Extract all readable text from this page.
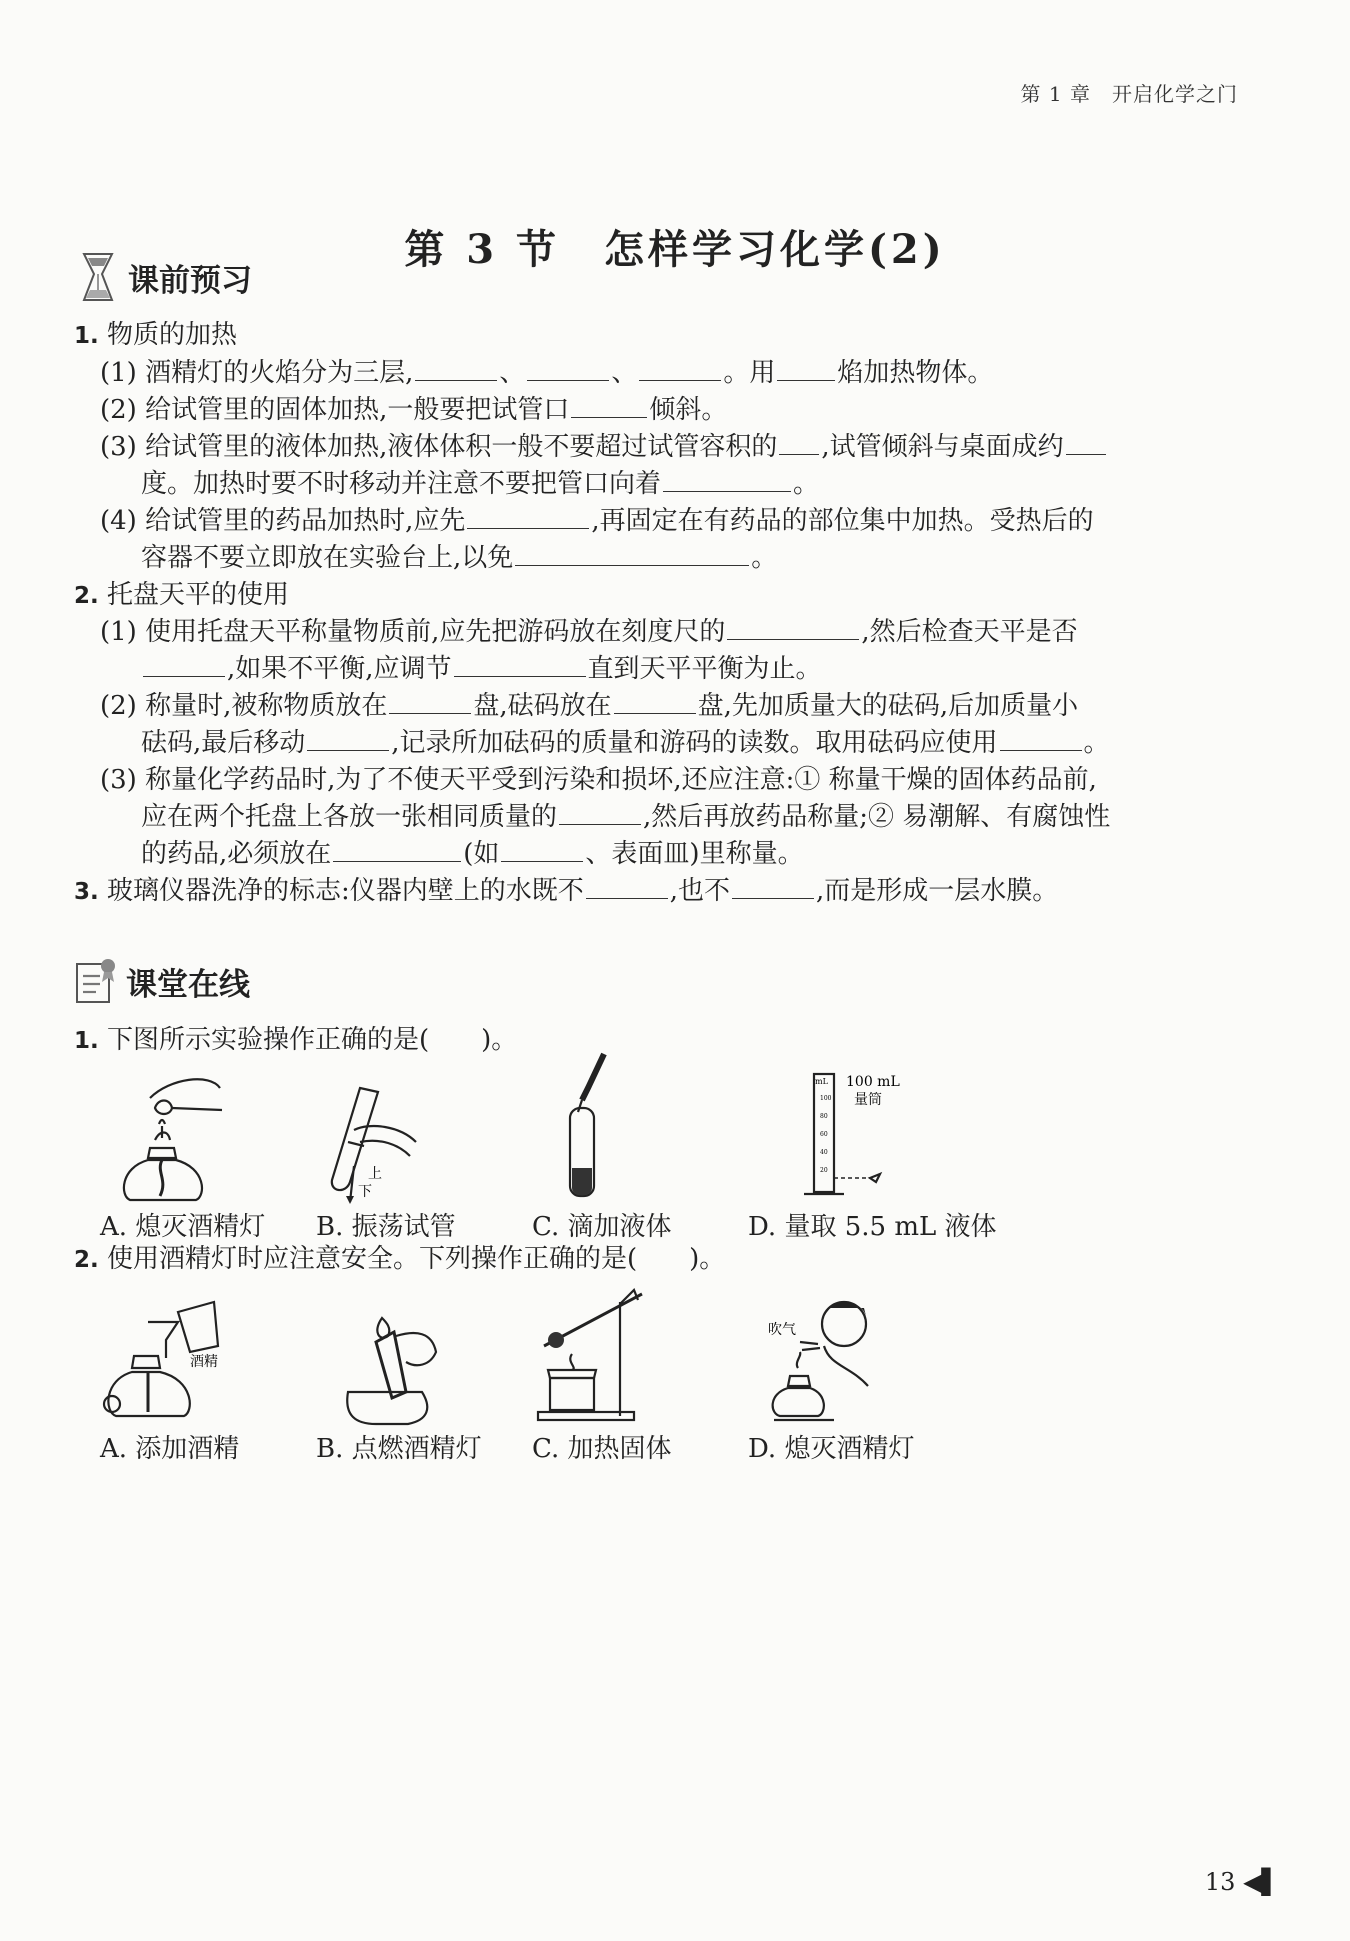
第 1 章　开启化学之门
第 3 节　怎样学习化学(2)
课前预习
1. 物质的加热
(1) 酒精灯的火焰分为三层,	、	、	。用 焰加热物体。
(2) 给试管里的固体加热,一般要把试管口	倾斜。
(3) 给试管里的液体加热,液体体积一般不要超过试管容积的 ,试管倾斜与桌面成约
度。加热时要不时移动并注意不要把管口向着	。
(4) 给试管里的药品加热时,应先	,再固定在有药品的部位集中加热。受热后的
容器不要立即放在实验台上,以免	。
2. 托盘天平的使用
(1) 使用托盘天平称量物质前,应先把游码放在刻度尺的	,然后检查天平是否
,如果不平衡,应调节	直到天平平衡为止。
(2) 称量时,被称物质放在	盘,砝码放在	盘,先加质量大的砝码,后加质量小
砝码,最后移动	,记录所加砝码的质量和游码的读数。取用砝码应使用	。
(3) 称量化学药品时,为了不使天平受到污染和损坏,还应注意:① 称量干燥的固体药品前,
应在两个托盘上各放一张相同质量的	,然后再放药品称量;② 易潮解、有腐蚀性
的药品,必须放在	(如	、表面皿)里称量。
3. 玻璃仪器洗净的标志:仪器内壁上的水既不	,也不	,而是形成一层水膜。
课堂在线
1. 下图所示实验操作正确的是(　　)。
上
下
mL
100
80
60
40
20
100 mL
量筒
A. 熄灭酒精灯 B. 振荡试管	C. 滴加液体	D. 量取 5.5 mL 液体
2. 使用酒精灯时应注意安全。下列操作正确的是(　　)。
酒精
吹气
A. 添加酒精	B. 点燃酒精灯 C. 加热固体	D. 熄灭酒精灯
13 ◀▌
